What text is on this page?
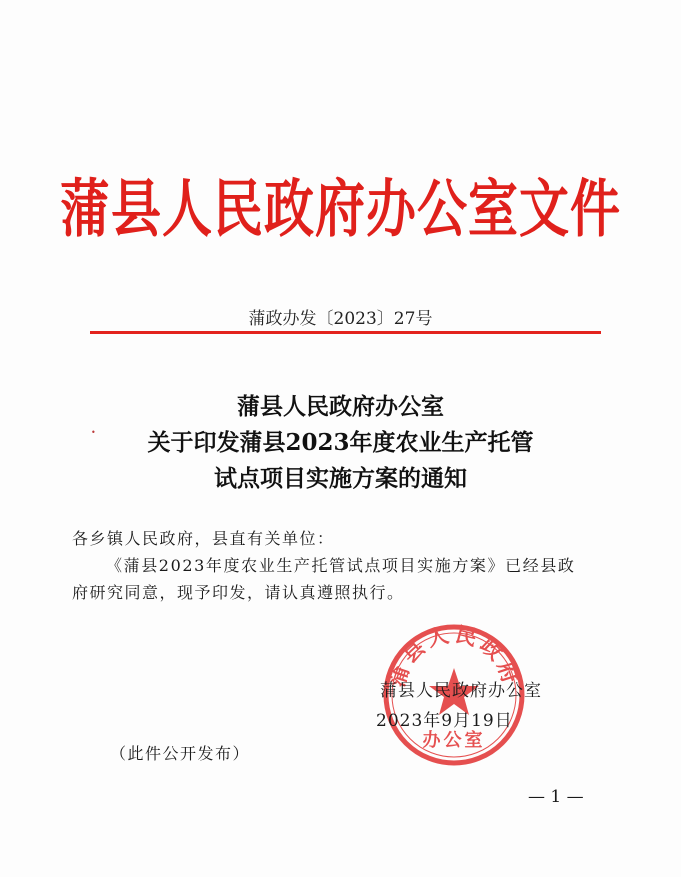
蒲县人民政府办公室文件
蒲政办发〔2023〕27号
•
蒲县人民政府办公室
关于印发蒲县2023年度农业生产托管
试点项目实施方案的通知
各乡镇人民政府，县直有关单位：
《蒲县2023年度农业生产托管试点项目实施方案》已经县政
府研究同意，现予印发，请认真遵照执行。
蒲县人民政府
办公室
蒲县人民政府办公室
2023年9月19日
（此件公开发布）
— 1 —
